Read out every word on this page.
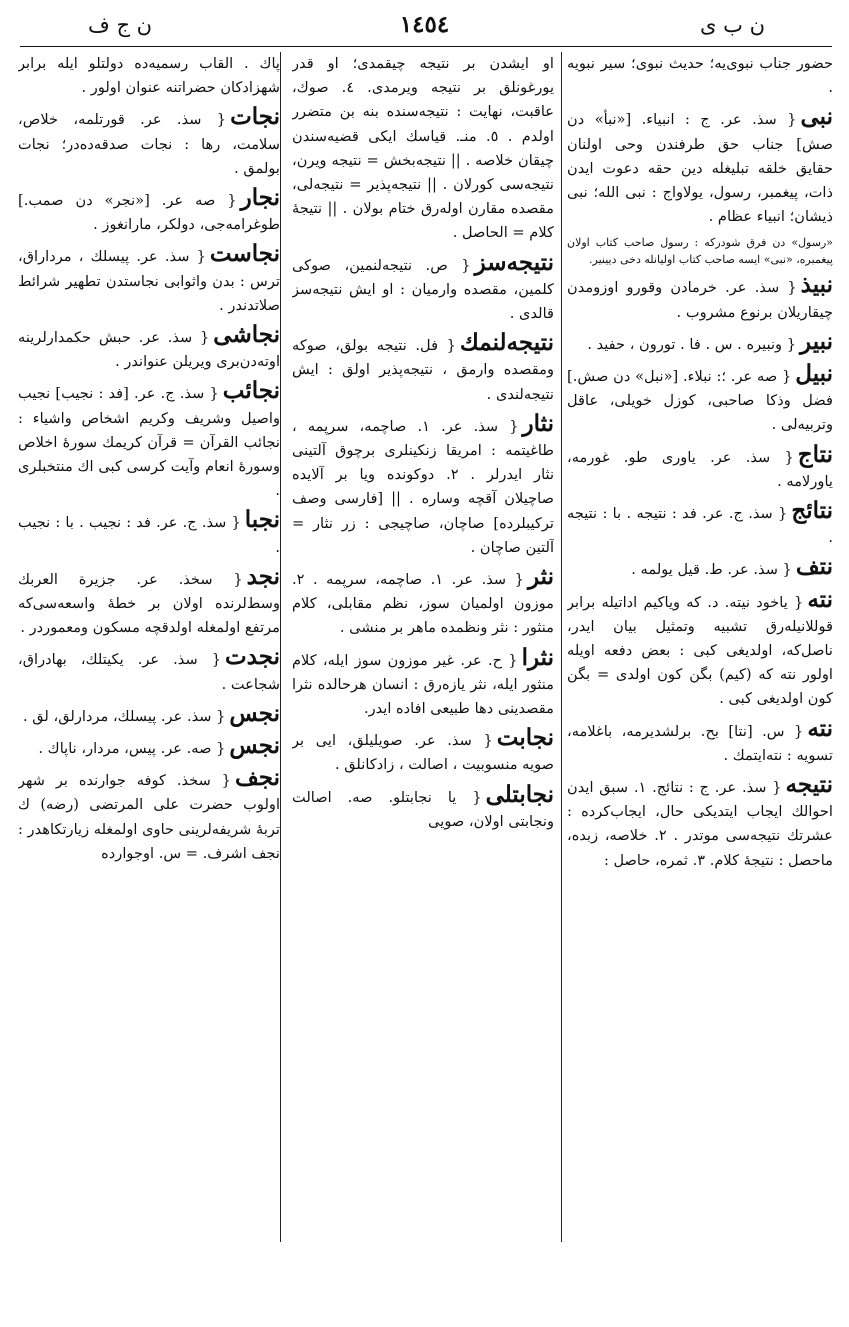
ن ج ف	١٤٥٤	ن ب ی

حضور جناب نبوی‌یه؛ حدیث نبوی؛ سیر نبویه .

نبی{ سذ. عر. ج : انبیاء. [«نبأ» دن صش] جناب حق طرفندن وحی اولنان حقایق خلقه تبلیغله دین حقه دعوت ایدن ذات، پیغمبر، رسول، یولاواج : نبی الله؛ نبی ذیشان؛ انبیاء عظام .

«رسول» دن فرق شودرکه : رسول صاحب کتاب اولان پیغمبره، «نبی» ایسه صاحب کتاب اولیانله دخی دیینیر.

نبیذ{ سذ. عر. خرمادن وقورو اوزومدن چیقاریلان برنوع مشروب .

نبیر{ ونبیره . س . فا . تورون ، حفید .

نبیل{ صه عر. ؛: نبلاء. [«نبل» دن صش.] فضل وذکا صاحبی، کوزل خویلی، عاقل وتربیه‌لی .

نتاج{ سذ. عر. یاوری طو. غورمه، یاورلامه .

نتائج{ سذ. ج. عر. فد : نتیجه . با : نتیجه .

نتف{ سذ. عر. ط. قیل یولمه .

نته{ یاخود نیته. د. که ویاکیم اداتیله برابر قوللانیله‌رق تشبیه وتمثیل بیان ایدر، ناصل‌که، اولدیغی کبی : بعض دفعه اویله اولور نته که (کیم) بگن کون اولدی = بگن کون اولدیغی کبی .

نته{ س. [نتا] بح. برلشدیرمه، باغلامه، تسویه : نته‌ایتمك .

نتیجه{ سذ. عر. ج : نتائج. ١. سبق ایدن احوالك ایجاب ایتدیکی حال، ایجاب‌کرده : عشرتك نتیجه‌سی موتدر . ٢. خلاصه، زبده، ماحصل : نتیجهٔ کلام. ٣. ثمره، حاصل :

او ایشدن بر نتیجه چیقمدی؛ او قدر یورغونلق بر نتیجه ویرمدی. ٤. صوك، عاقبت، نهایت : نتیجه‌سنده بنه بن متضرر اولدم . ٥. منـ. قیاسك ایکی قضیه‌سندن چیقان خلاصه . || نتیجه‌بخش = نتیجه ویرن، نتیجه‌سی کورلان . || نتیجه‌پذیر = نتیجه‌لی، مقصده مقارن اوله‌رق ختام بولان . || نتیجهٔ کلام = الحاصل .

نتیجه‌سز{ ص. نتیجه‌لنمین، صوکی کلمین، مقصده وارمیان : او ایش نتیجه‌سز قالدی .

نتیجه‌لنمك{ فل. نتیجه بولق، صوکه ومقصده وارمق ، نتیجه‌پذیر اولق : ایش نتیجه‌لندی .

نثار{ سذ. عر. ١. صاچمه، سرپمه ، طاغیتمه : امریقا زنکینلری برچوق آلتینی نثار ایدرلر . ٢. دوکونده ویا بر آلایده صاچیلان آقچه وساره . || [فارسی وصف ترکیبلرده] صاچان، صاچیجی : زر نثار = آلتین صاچان .

نثر{ سذ. عر. ١. صاچمه، سرپمه . ٢. موزون اولمیان سوز، نظم مقابلی، کلام منثور : نثر ونظمده ماهر بر منشی .

نثرا{ ح. عر. غیر موزون سوز ایله، کلام منثور ایله، نثر یازه‌رق : انسان هرحالده نثرا مقصدینی دها طبیعی افاده ایدر.

نجابت{ سذ. عر. صویلیلق، ایی بر صویه منسوبیت ، اصالت ، زادکانلق .

نجابتلی{ یا نجابتلو. صه. اصالت ونجابتی اولان، صویی

پاك . القاب رسمیه‌ده دولتلو ایله برابر شهزادکان حضراتنه عنوان اولور .

نجات{ سذ. عر. قورتلمه، خلاص، سلامت، رها : نجات صدقه‌ده‌در؛ نجات بولمق .

نجار{ صه عر. [«نجر» دن صمب.] طوغرامه‌جی، دولکر، مارانغوز .

نجاست{ سذ. عر. پیسلك ، مرداراق، ترس : بدن واثوابی نجاستدن تطهیر شرائط صلاتدندر .

نجاشی{ سذ. عر. حبش حکمدارلرینه اوته‌دن‌بری ویریلن عنواندر .

نجائب{ سذ. ج. عر. [فد : نجیب] نجیب واصیل وشریف وکریم اشخاص واشیاء : نجائب القرآن = قرآن کریمك سورهٔ اخلاص وسورهٔ انعام وآیت کرسی کبی اك منتخبلری .

نجبا{ سذ. ج. عر. فد : نجیب . با : نجیب .

نجد{ سخذ. عر. جزیرة العربك وسط‌لرنده اولان بر خطهٔ واسعه‌سی‌که مرتفع اولمغله اولدقچه مسکون ومعموردر .

نجدت{ سذ. عر. یکیتلك، بهادراق، شجاعت .

نجس{ سذ. عر. پیسلك، مردارلق، لق .

نجس{ صه. عر. پیس، مردار، ناپاك .

نجف{ سخذ. کوفه جوارنده بر شهر اولوب حضرت علی المرتضی (رضه) ك تربهٔ شریفه‌لرینی حاوی اولمغله زیارتکاهدر : نجف اشرف. = س. اوجوارده
